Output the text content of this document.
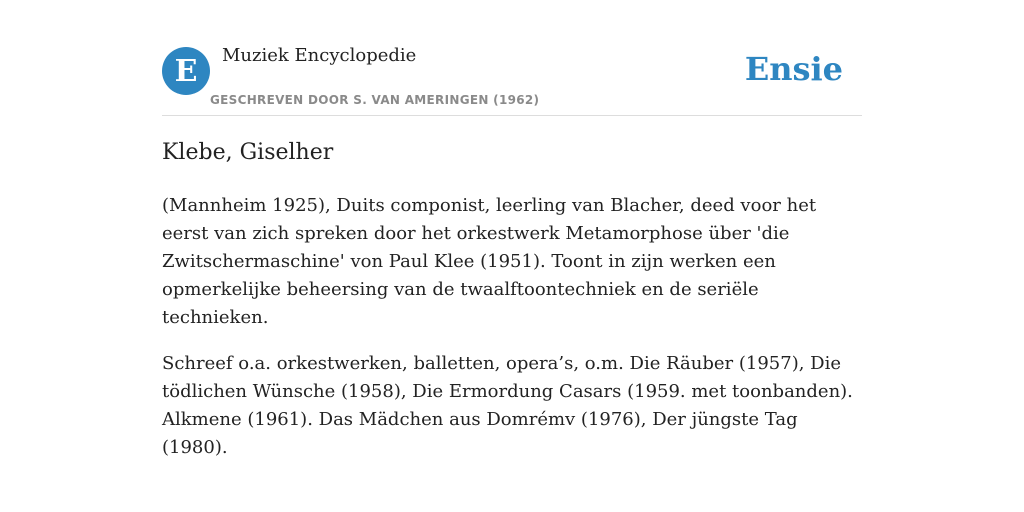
E Muziek Encyclopedie
GESCHREVEN DOOR S. VAN AMERINGEN (1962)
Ensie
Klebe, Giselher

(Mannheim 1925), Duits componist, leerling van Blacher, deed voor het eerst van zich spreken door het orkestwerk Metamorphose über 'die Zwitschermaschine' von Paul Klee (1951). Toont in zijn werken een opmerkelijke beheersing van de twaalftoontechniek en de seriële technieken.

Schreef o.a. orkestwerken, balletten, opera’s, o.m. Die Räuber (1957), Die tödlichen Wünsche (1958), Die Ermordung Casars (1959. met toonbanden). Alkmene (1961). Das Mädchen aus Domrémv (1976), Der jüngste Tag (1980).
